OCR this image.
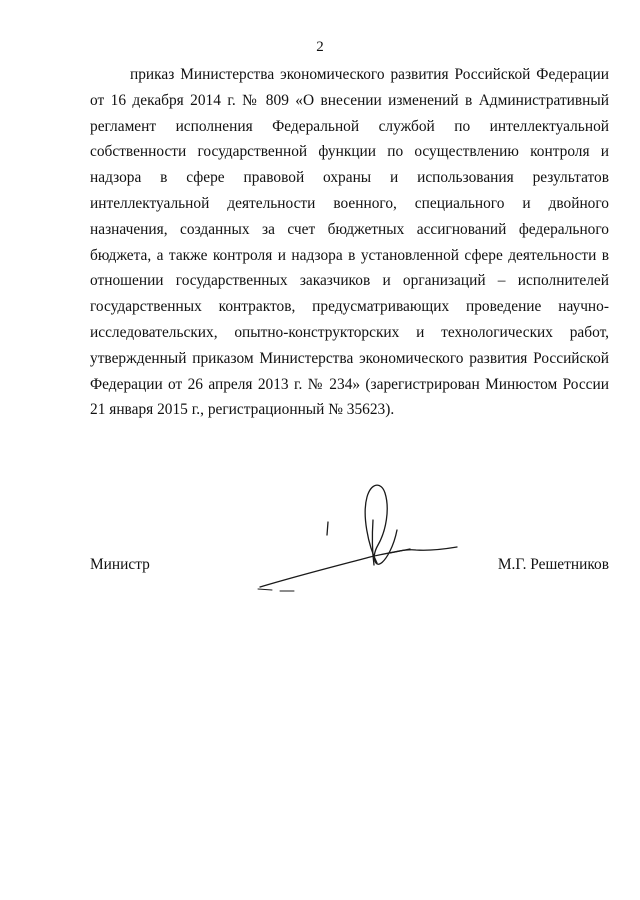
2

приказ Министерства экономического развития Российской Федерации от 16 декабря 2014 г. № 809 «О внесении изменений в Административный регламент исполнения Федеральной службой по интеллектуальной собственности государственной функции по осуществлению контроля и надзора в сфере правовой охраны и использования результатов интеллектуальной деятельности военного, специального и двойного назначения, созданных за счет бюджетных ассигнований федерального бюджета, а также контроля и надзора в установленной сфере деятельности в отношении государственных заказчиков и организаций – исполнителей государственных контрактов, предусматривающих проведение научно-исследовательских, опытно-конструкторских и технологических работ, утвержденный приказом Министерства экономического развития Российской Федерации от 26 апреля 2013 г. № 234» (зарегистрирован Минюстом России 21 января 2015 г., регистрационный № 35623).

Министр	М.Г. Решетников
